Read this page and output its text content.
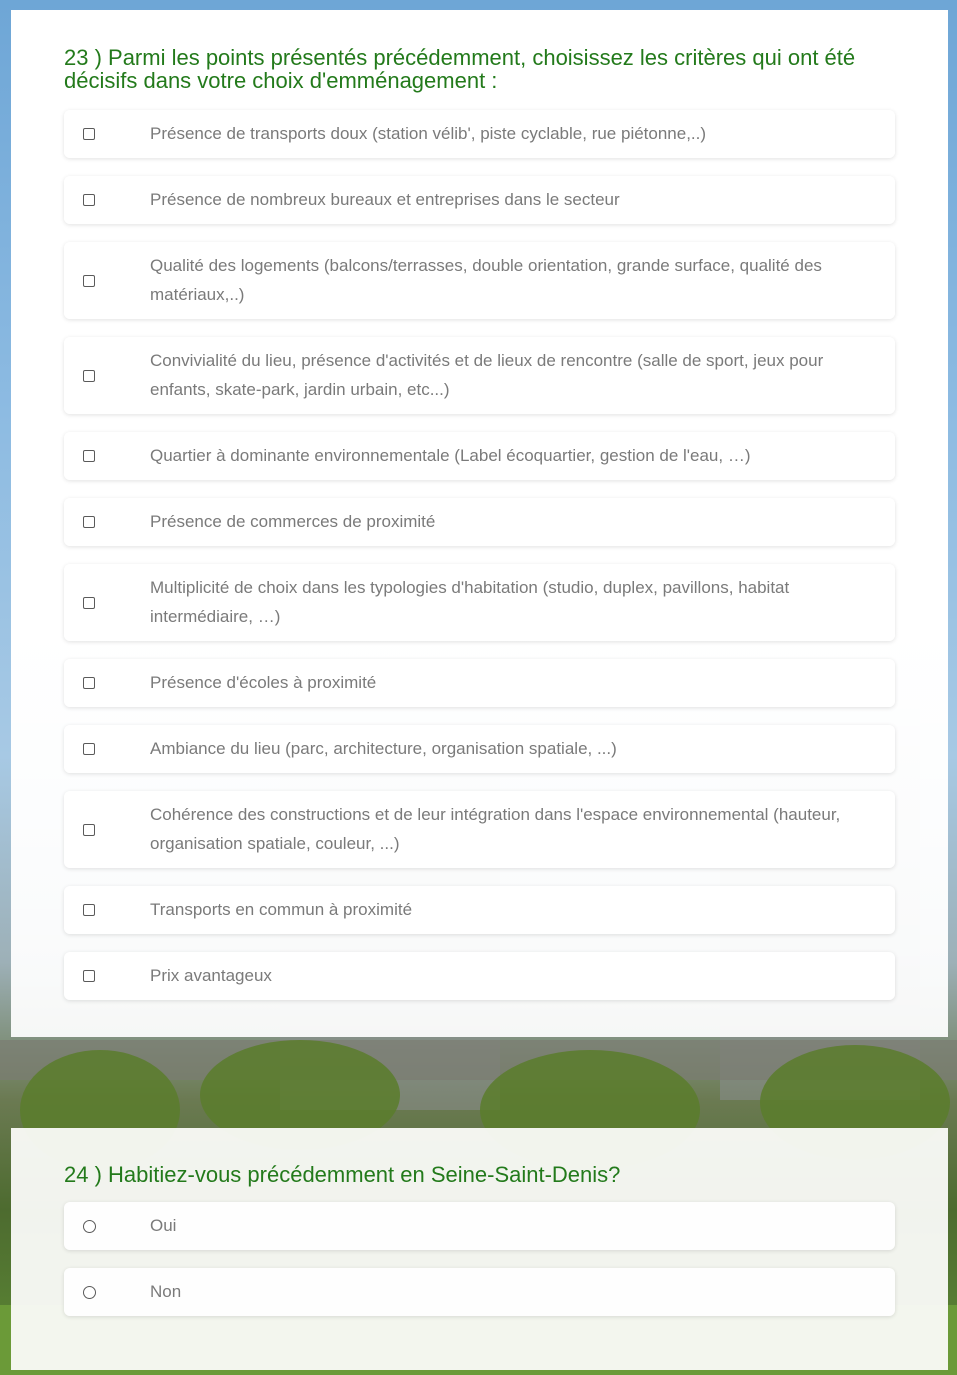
23 ) Parmi les points présentés précédemment, choisissez les critères qui ont été décisifs dans votre choix d'emménagement :
Présence de transports doux (station vélib', piste cyclable, rue piétonne,..)
Présence de nombreux bureaux et entreprises dans le secteur
Qualité des logements (balcons/terrasses, double orientation, grande surface, qualité des matériaux,..)
Convivialité du lieu, présence d'activités et de lieux de rencontre (salle de sport, jeux pour enfants, skate-park, jardin urbain, etc...)
Quartier à dominante environnementale (Label écoquartier, gestion de l'eau, …)
Présence de commerces de proximité
Multiplicité de choix dans les typologies d'habitation (studio, duplex, pavillons, habitat intermédiaire, …)
Présence d'écoles à proximité
Ambiance du lieu (parc, architecture, organisation spatiale, ...)
Cohérence des constructions et de leur intégration dans l'espace environnemental (hauteur, organisation spatiale, couleur, ...)
Transports en commun à proximité
Prix avantageux
24 ) Habitiez-vous précédemment en Seine-Saint-Denis?
Oui
Non
